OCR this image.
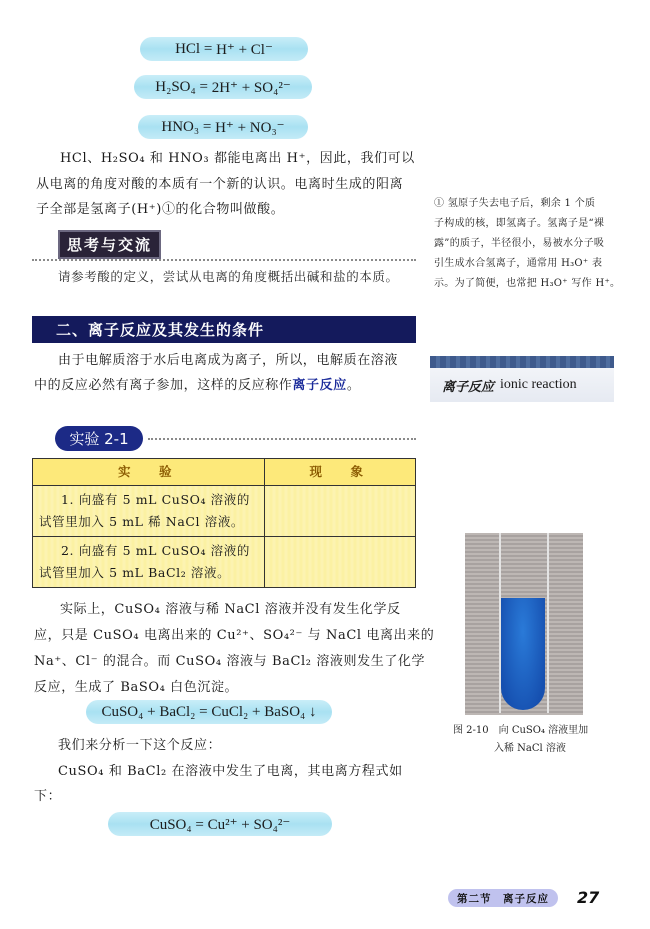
HCl = H⁺ + Cl⁻
H₂SO₄ = 2H⁺ + SO₄²⁻
HNO₃ = H⁺ + NO₃⁻
HCl、H₂SO₄ 和 HNO₃ 都能电离出 H⁺，因此，我们可以
从电离的角度对酸的本质有一个新的认识。电离时生成的阳离
子全部是氢离子(H⁺)①的化合物叫做酸。	① 氢原子失去电子后，剩余 1 个质
子构成的核，即氢离子。氢离子是“裸
露”的质子，半径很小，易被水分子吸
引生成水合氢离子，通常用 H₃O⁺ 表
示。为了简便，也常把 H₃O⁺ 写作 H⁺。
思考与交流
请参考酸的定义，尝试从电离的角度概括出碱和盐的本质。
二、离子反应及其发生的条件
由于电解质溶于水后电离成为离子，所以，电解质在溶液
中的反应必然有离子参加，这样的反应称作离子反应。	离子反应 ionic reaction
实验 2-1
实　验	现　象

1. 向盛有 5 mL CuSO₄ 溶液的
试管里加入 5 mL 稀 NaCl 溶液。	

2. 向盛有 5 mL CuSO₄ 溶液的
试管里加入 5 mL BaCl₂ 溶液。	

实际上，CuSO₄ 溶液与稀 NaCl 溶液并没有发生化学反
应，只是 CuSO₄ 电离出来的 Cu²⁺、SO₄²⁻ 与 NaCl 电离出来的
Na⁺、Cl⁻ 的混合。而 CuSO₄ 溶液与 BaCl₂ 溶液则发生了化学
反应，生成了 BaSO₄ 白色沉淀。
CuSO₄ + BaCl₂ = CuCl₂ + BaSO₄ ↓
我们来分析一下这个反应：
CuSO₄ 和 BaCl₂ 在溶液中发生了电离，其电离方程式如
下：
CuSO₄ = Cu²⁺ + SO₄²⁻
图 2-10　向 CuSO₄ 溶液里加
入稀 NaCl 溶液
第二节　离子反应	27
